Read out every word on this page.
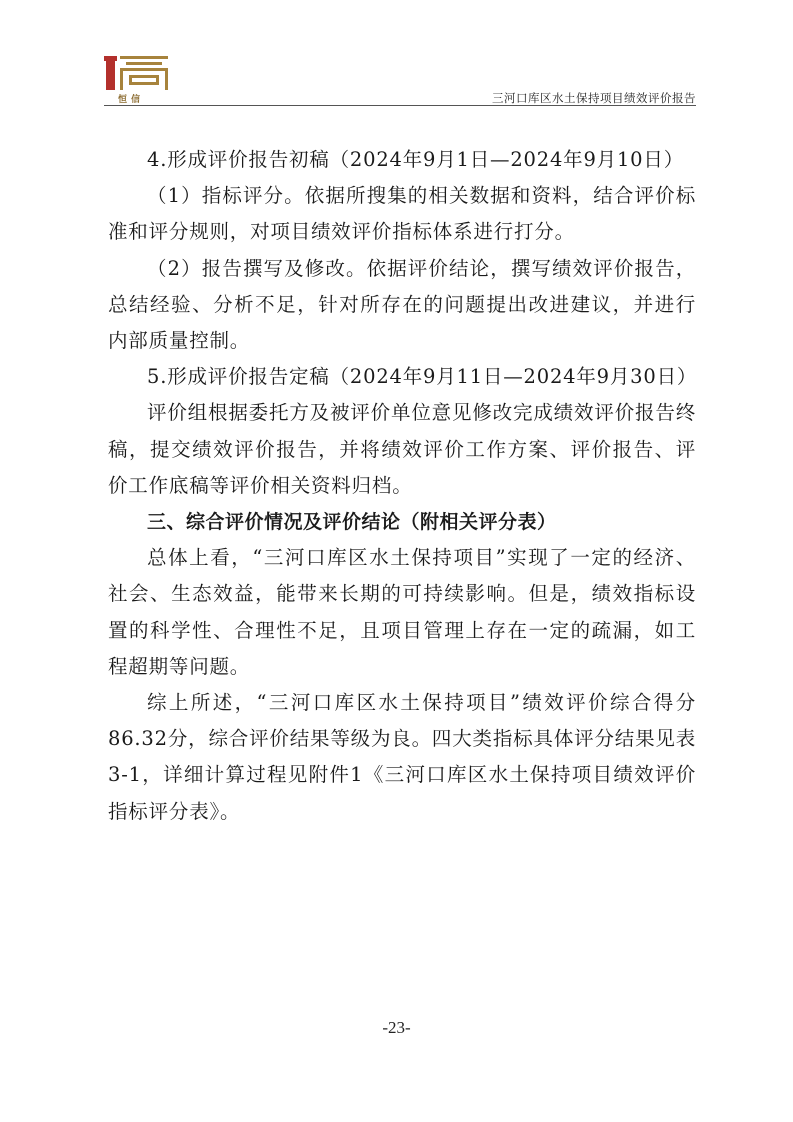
恒信	三河口库区水土保持项目绩效评价报告

4.形成评价报告初稿（2024年9月1日—2024年9月10日）

（1）指标评分。依据所搜集的相关数据和资料，结合评价标准和评分规则，对项目绩效评价指标体系进行打分。

（2）报告撰写及修改。依据评价结论，撰写绩效评价报告，总结经验、分析不足，针对所存在的问题提出改进建议，并进行内部质量控制。

5.形成评价报告定稿（2024年9月11日—2024年9月30日）

评价组根据委托方及被评价单位意见修改完成绩效评价报告终稿，提交绩效评价报告，并将绩效评价工作方案、评价报告、评价工作底稿等评价相关资料归档。

三、综合评价情况及评价结论（附相关评分表）

总体上看，“三河口库区水土保持项目”实现了一定的经济、社会、生态效益，能带来长期的可持续影响。但是，绩效指标设置的科学性、合理性不足，且项目管理上存在一定的疏漏，如工程超期等问题。

综上所述，“三河口库区水土保持项目”绩效评价综合得分86.32分，综合评价结果等级为良。四大类指标具体评分结果见表3-1，详细计算过程见附件1《三河口库区水土保持项目绩效评价指标评分表》。

-23-
